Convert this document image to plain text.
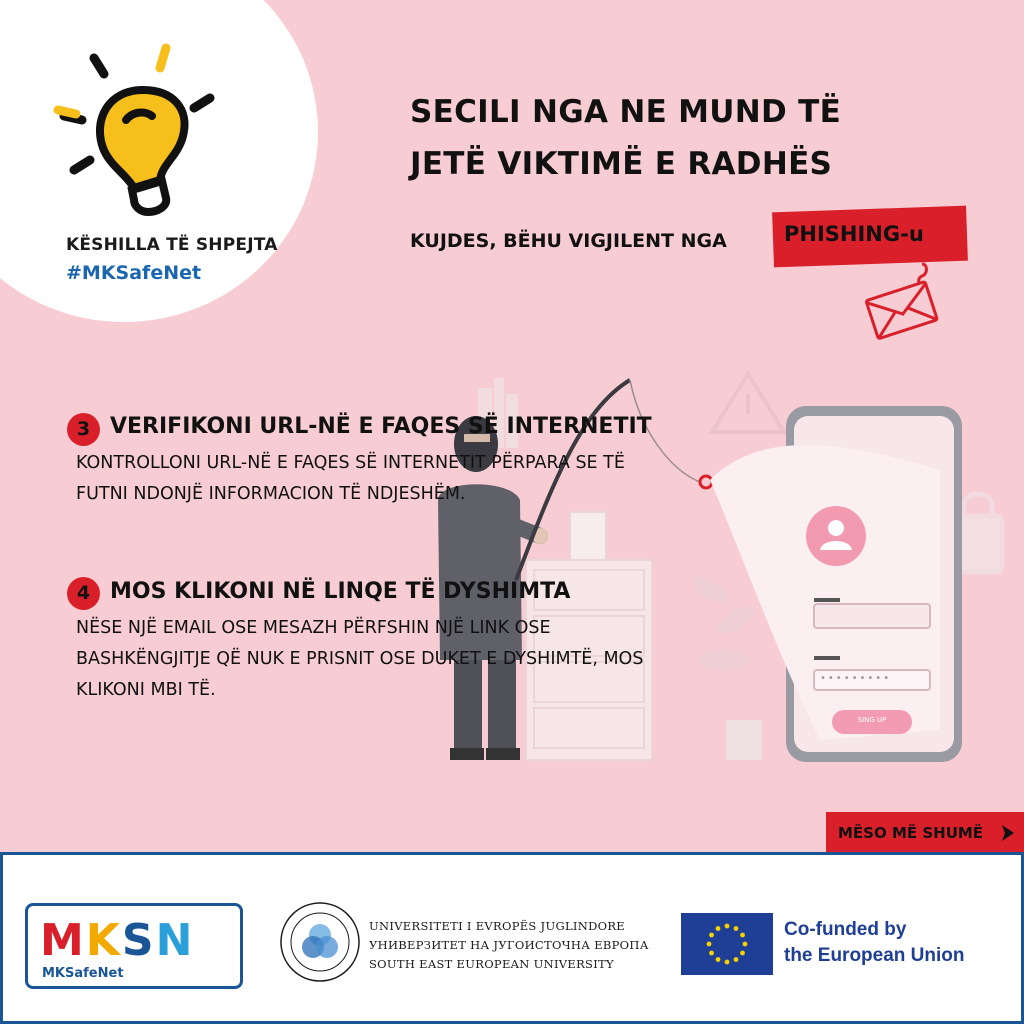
KËSHILLA TË SHPEJTA
#MKSafeNet
SECILI NGA NE MUND TË
JETË VIKTIMË E RADHËS
KUJDES, BËHU VIGJILENT NGA	PHISHING-u
•••••••••
SING UP
3 VERIFIKONI URL-NË E FAQES SË INTERNETIT
KONTROLLONI URL-NË E FAQES SË INTERNETIT PËRPARA SE TË
FUTNI NDONJË INFORMACION TË NDJESHËM.
4 MOS KLIKONI NË LINQE TË DYSHIMTA
NËSE NJË EMAIL OSE MESAZH PËRFSHIN NJË LINK OSE
BASHKËNGJITJE QË NUK E PRISNIT OSE DUKET E DYSHIMTË, MOS
KLIKONI MBI TË.
MËSO MË SHUMË
MKSN
MKSafeNet
UNIVERSITETI I EVROPËS JUGLINDORE
УНИВЕРЗИТЕТ НА ЈУГОИСТОЧНА ЕВРОПА
SOUTH EAST EUROPEAN UNIVERSITY
Co-funded by
the European Union
